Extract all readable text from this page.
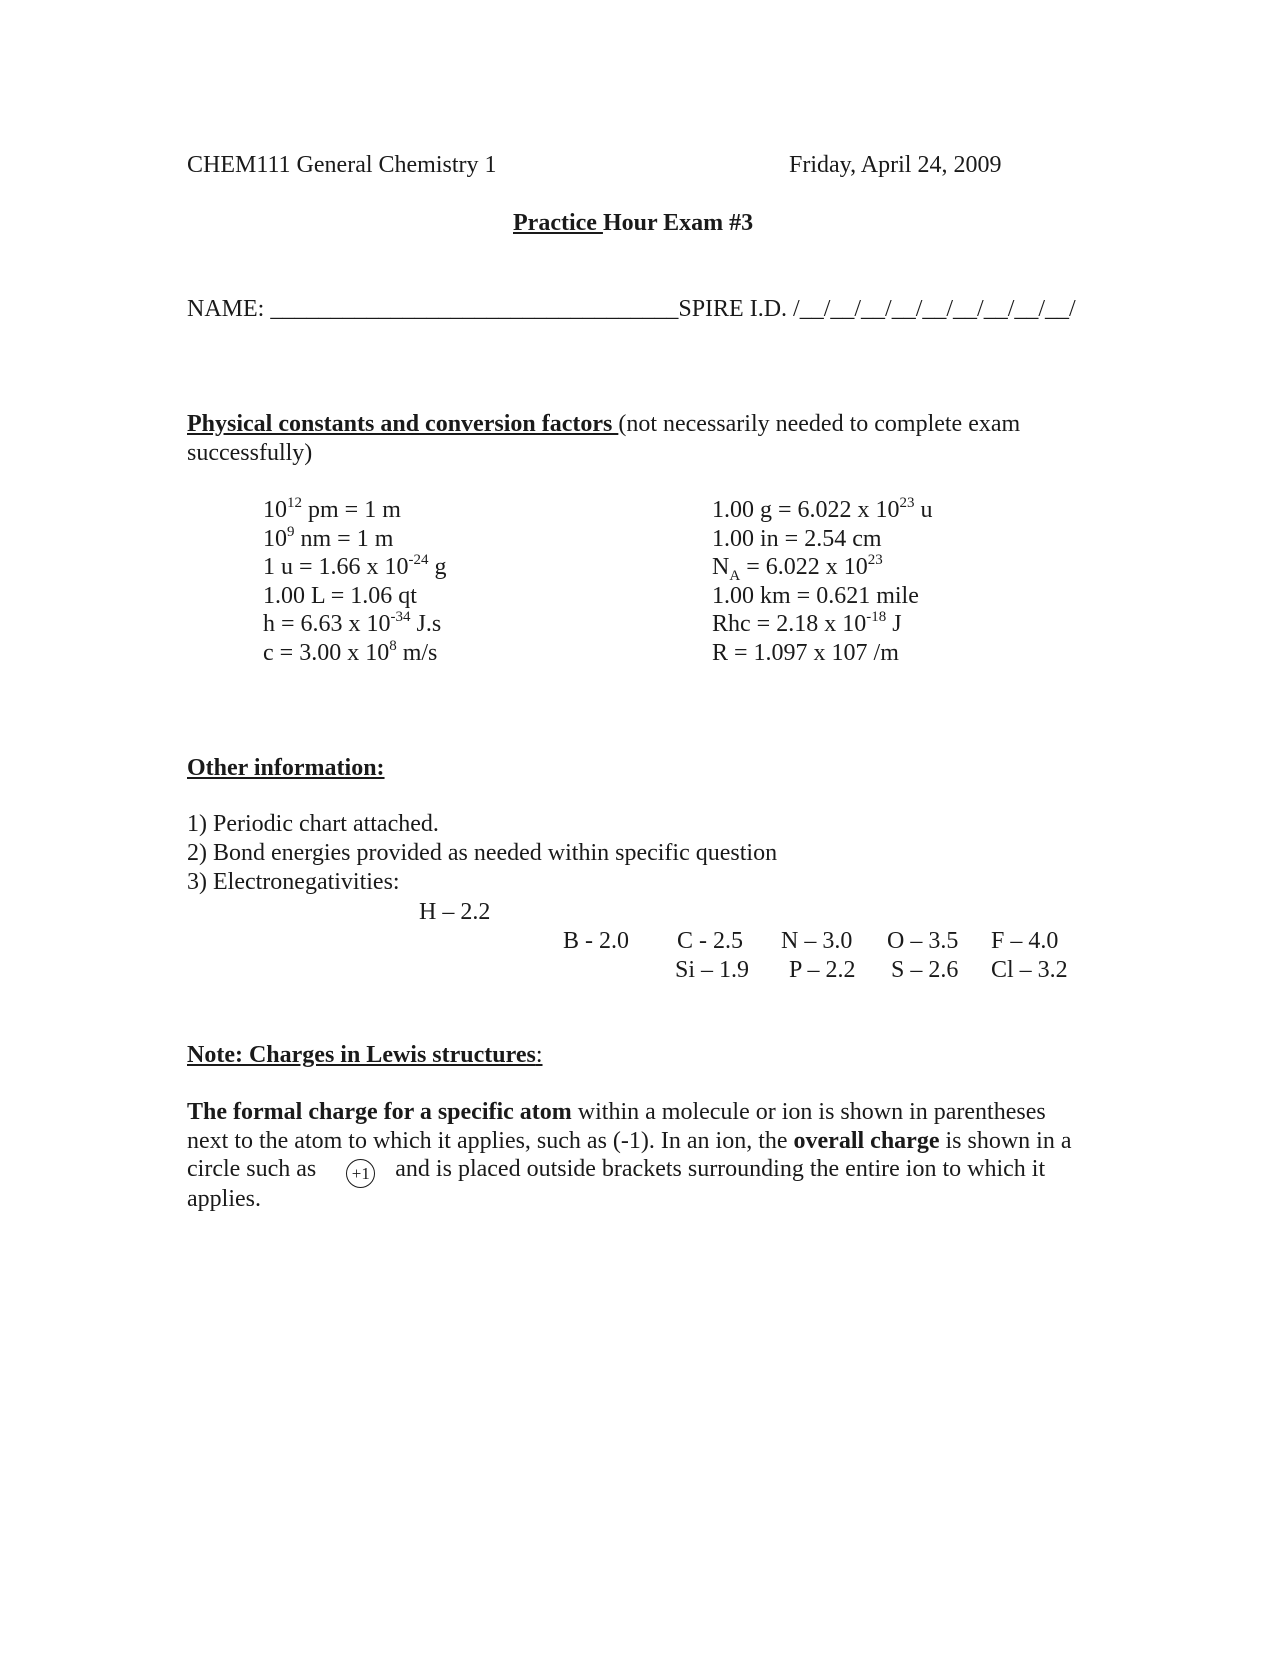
CHEM111 General Chemistry 1	Friday, April 24, 2009
Practice Hour Exam #3
NAME: __________________________________SPIRE I.D. /__/__/__/__/__/__/__/__/__/
Physical constants and conversion factors (not necessarily needed to complete exam successfully)
$10^{12}$ pm = 1 m
$10^9$ nm = 1 m
1 u = 1.66 x $10^{-24}$ g
1.00 L = 1.06 qt
h = 6.63 x $10^{-34}$ J.s
c = 3.00 x $10^8$ m/s
1.00 g = 6.022 x $10^{23}$ u
1.00 in = 2.54 cm
$N_A = 6.022$ x $10^{23}$
1.00 km = 0.621 mile
Rhc = 2.18 x $10^{-18}$ J
R = 1.097 x 107 /m
Other information:
1) Periodic chart attached.
2) Bond energies provided as needed within specific question
3) Electronegativities:
H – 2.2
B - 2.0 C - 2.5 N – 3.0 O – 3.5 F – 4.0
Si – 1.9 P – 2.2 S – 2.6 Cl – 3.2
Note: Charges in Lewis structures:
The formal charge for a specific atom within a molecule or ion is shown in parentheses next to the atom to which it applies, such as (-1). In an ion, the overall charge is shown in a circle such as +1 and is placed outside brackets surrounding the entire ion to which it applies.
